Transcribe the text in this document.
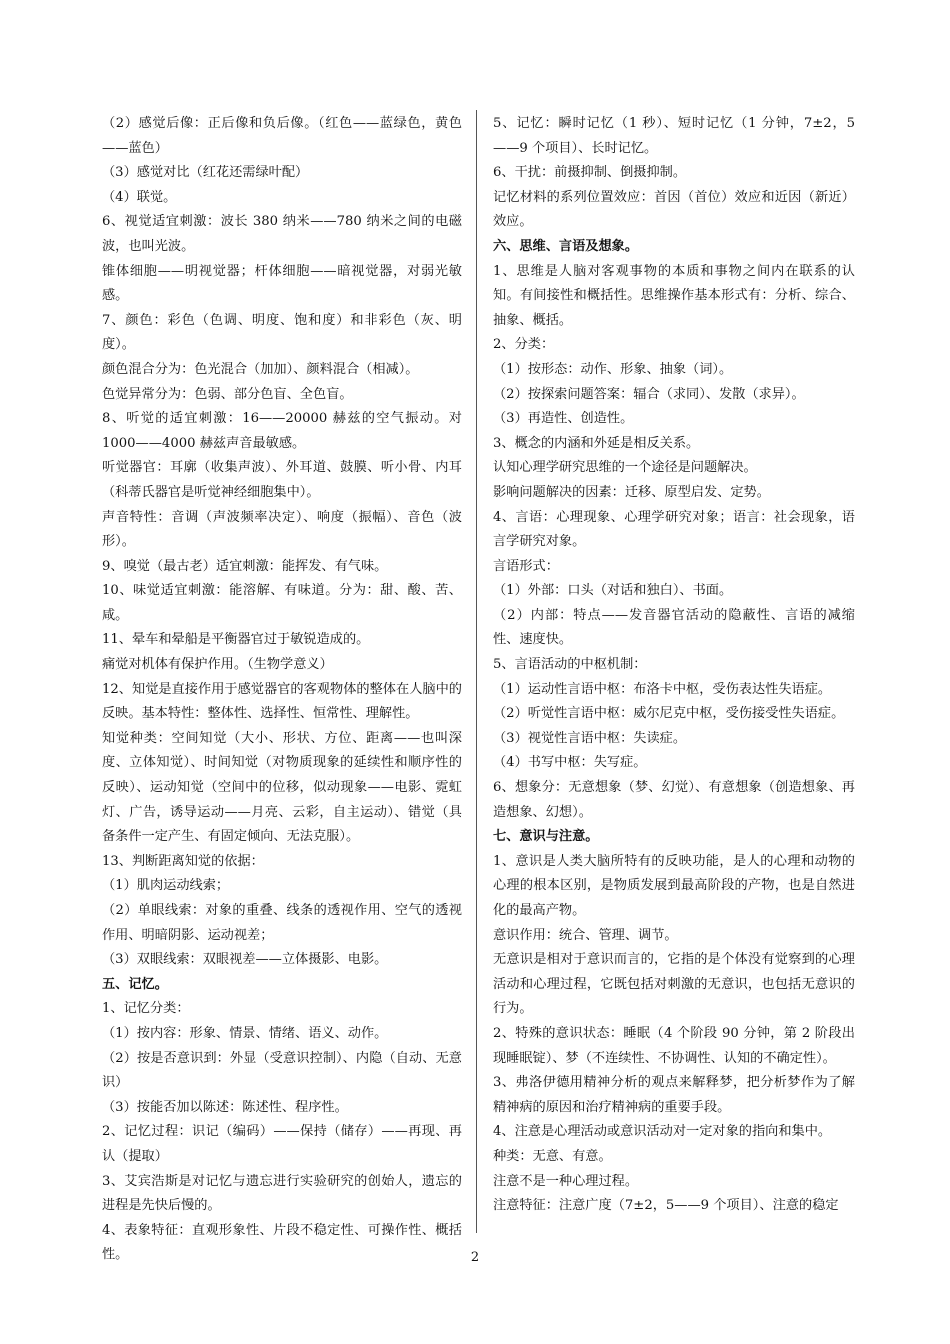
（2）感觉后像：正后像和负后像。（红色——蓝绿色，黄色——蓝色）

（3）感觉对比（红花还需绿叶配）

（4）联觉。

6、视觉适宜刺激：波长 380 纳米——780 纳米之间的电磁波，也叫光波。

锥体细胞——明视觉器；杆体细胞——暗视觉器，对弱光敏感。

7、颜色：彩色（色调、明度、饱和度）和非彩色（灰、明度）。

颜色混合分为：色光混合（加加）、颜料混合（相减）。

色觉异常分为：色弱、部分色盲、全色盲。

8、听觉的适宜刺激：16——20000 赫兹的空气振动。对 1000——4000 赫兹声音最敏感。

听觉器官：耳廓（收集声波）、外耳道、鼓膜、听小骨、内耳（科蒂氏器官是听觉神经细胞集中）。

声音特性：音调（声波频率决定）、响度（振幅）、音色（波形）。

9、嗅觉（最古老）适宜刺激：能挥发、有气味。

10、味觉适宜刺激：能溶解、有味道。分为：甜、酸、苦、咸。

11、晕车和晕船是平衡器官过于敏锐造成的。

痛觉对机体有保护作用。（生物学意义）

12、知觉是直接作用于感觉器官的客观物体的整体在人脑中的反映。基本特性：整体性、选择性、恒常性、理解性。

知觉种类：空间知觉（大小、形状、方位、距离——也叫深度、立体知觉）、时间知觉（对物质现象的延续性和顺序性的反映）、运动知觉（空间中的位移，似动现象——电影、霓虹灯、广告，诱导运动——月亮、云彩，自主运动）、错觉（具备条件一定产生、有固定倾向、无法克服）。

13、判断距离知觉的依据：

（1）肌肉运动线索；

（2）单眼线索：对象的重叠、线条的透视作用、空气的透视作用、明暗阴影、运动视差；

（3）双眼线索：双眼视差——立体摄影、电影。

五、记忆。

1、记忆分类：

（1）按内容：形象、情景、情绪、语义、动作。

（2）按是否意识到：外显（受意识控制）、内隐（自动、无意识）

（3）按能否加以陈述：陈述性、程序性。

2、记忆过程：识记（编码）——保持（储存）——再现、再认（提取）

3、艾宾浩斯是对记忆与遗忘进行实验研究的创始人，遗忘的进程是先快后慢的。

4、表象特征：直观形象性、片段不稳定性、可操作性、概括性。

5、记忆：瞬时记忆（1 秒）、短时记忆（1 分钟，7±2，5——9 个项目）、长时记忆。

6、干扰：前摄抑制、倒摄抑制。

记忆材料的系列位置效应：首因（首位）效应和近因（新近）效应。

六、思维、言语及想象。

1、思维是人脑对客观事物的本质和事物之间内在联系的认知。有间接性和概括性。思维操作基本形式有：分析、综合、抽象、概括。

2、分类：

（1）按形态：动作、形象、抽象（词）。

（2）按探索问题答案：辐合（求同）、发散（求异）。

（3）再造性、创造性。

3、概念的内涵和外延是相反关系。

认知心理学研究思维的一个途径是问题解决。

影响问题解决的因素：迁移、原型启发、定势。

4、言语：心理现象、心理学研究对象；语言：社会现象，语言学研究对象。

言语形式：

（1）外部：口头（对话和独白）、书面。

（2）内部：特点——发音器官活动的隐蔽性、言语的减缩性、速度快。

5、言语活动的中枢机制：

（1）运动性言语中枢：布洛卡中枢，受伤表达性失语症。

（2）听觉性言语中枢：威尔尼克中枢，受伤接受性失语症。

（3）视觉性言语中枢：失读症。

（4）书写中枢：失写症。

6、想象分：无意想象（梦、幻觉）、有意想象（创造想象、再造想象、幻想）。

七、意识与注意。

1、意识是人类大脑所特有的反映功能，是人的心理和动物的心理的根本区别，是物质发展到最高阶段的产物，也是自然进化的最高产物。

意识作用：统合、管理、调节。

无意识是相对于意识而言的，它指的是个体没有觉察到的心理活动和心理过程，它既包括对刺激的无意识，也包括无意识的行为。

2、特殊的意识状态：睡眠（4 个阶段 90 分钟，第 2 阶段出现睡眠锭）、梦（不连续性、不协调性、认知的不确定性）。

3、弗洛伊德用精神分析的观点来解释梦，把分析梦作为了解精神病的原因和治疗精神病的重要手段。

4、注意是心理活动或意识活动对一定对象的指向和集中。

种类：无意、有意。

注意不是一种心理过程。

注意特征：注意广度（7±2，5——9 个项目）、注意的稳定

2
